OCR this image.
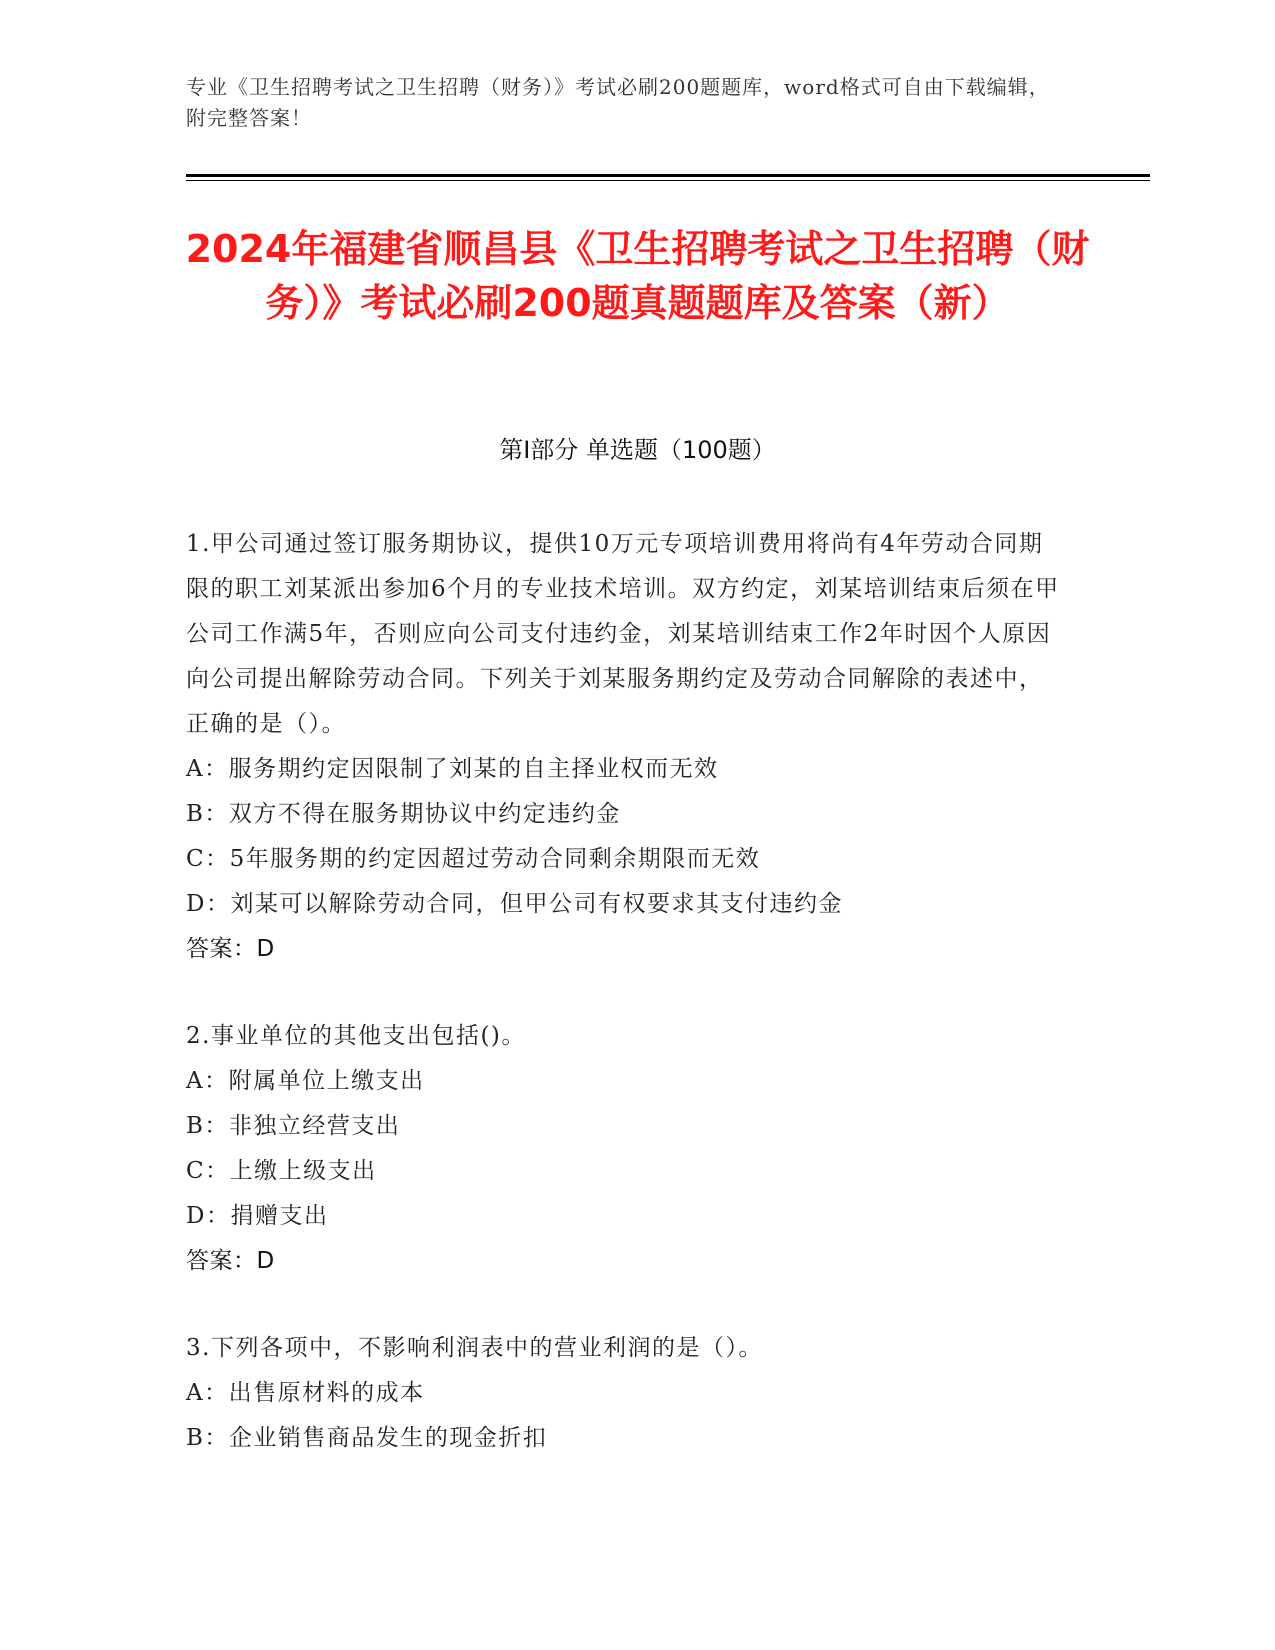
专业《卫生招聘考试之卫生招聘（财务）》考试必刷200题题库，word格式可自由下载编辑，附完整答案！
2024年福建省顺昌县《卫生招聘考试之卫生招聘（财务）》考试必刷200题真题题库及答案（新）
第Ⅰ部分 单选题（100题）

1.甲公司通过签订服务期协议，提供10万元专项培训费用将尚有4年劳动合同期限的职工刘某派出参加6个月的专业技术培训。双方约定，刘某培训结束后须在甲公司工作满5年，否则应向公司支付违约金，刘某培训结束工作2年时因个人原因向公司提出解除劳动合同。下列关于刘某服务期约定及劳动合同解除的表述中，正确的是（）。

A：服务期约定因限制了刘某的自主择业权而无效

B：双方不得在服务期协议中约定违约金

C：5年服务期的约定因超过劳动合同剩余期限而无效

D：刘某可以解除劳动合同，但甲公司有权要求其支付违约金

答案：D

2.事业单位的其他支出包括()。

A：附属单位上缴支出

B：非独立经营支出

C：上缴上级支出

D：捐赠支出

答案：D

3.下列各项中，不影响利润表中的营业利润的是（）。

A：出售原材料的成本

B：企业销售商品发生的现金折扣
